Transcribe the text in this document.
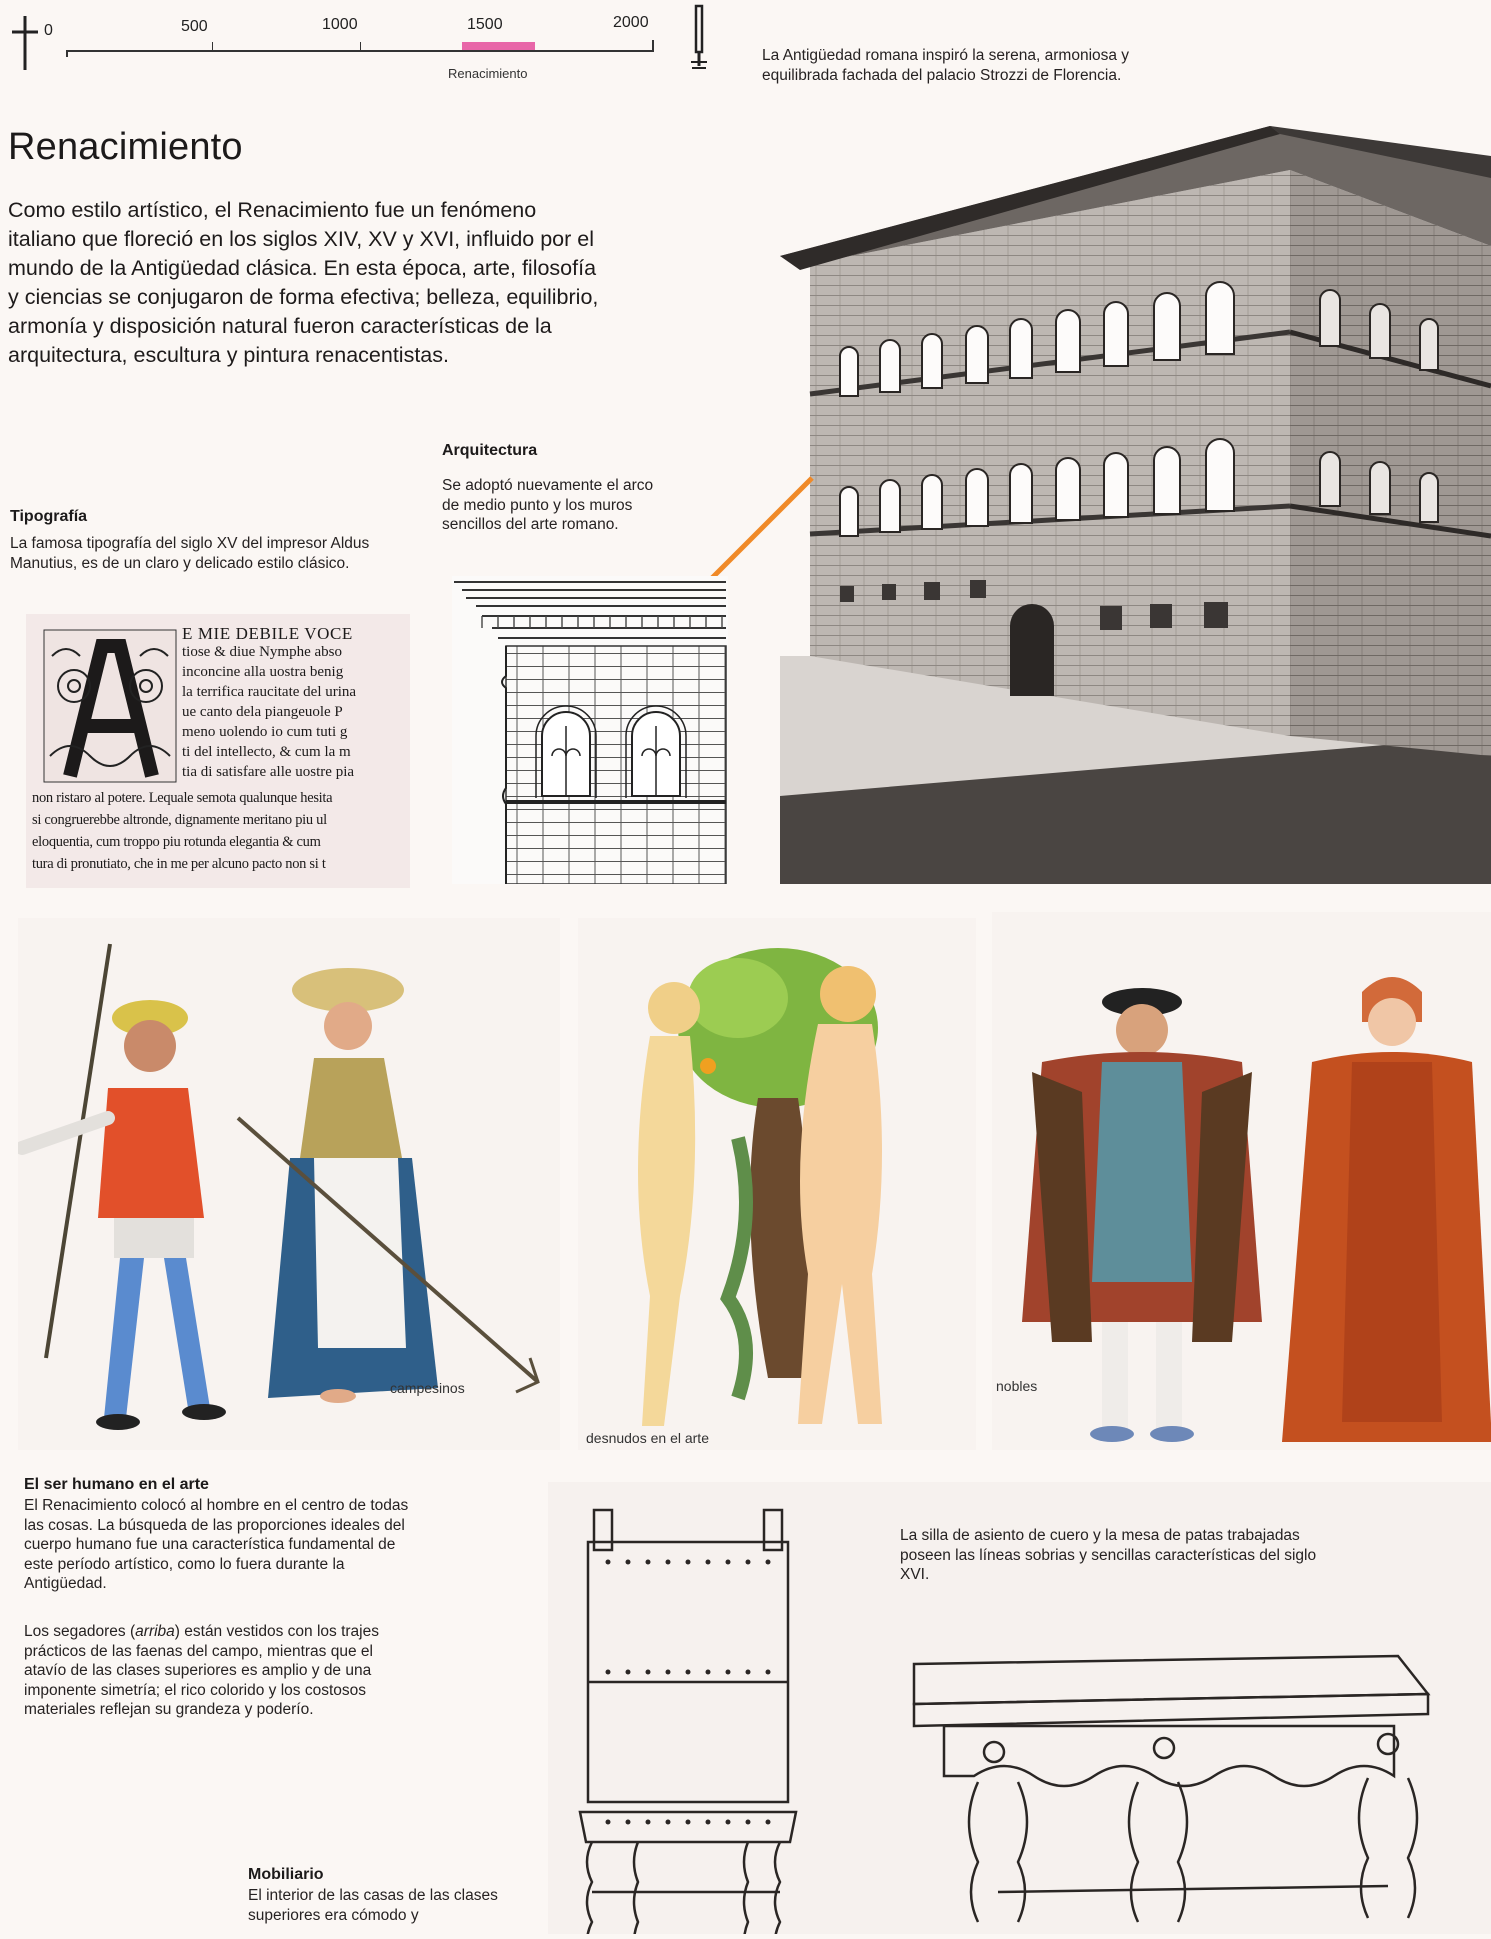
0	500	1000	1500	2000
Renacimiento
Renacimiento

Como estilo artístico, el Renacimiento fue un fenómeno italiano que floreció en los siglos XIV, XV y XVI, influido por el mundo de la Antigüedad clásica. En esta época, arte, filosofía y ciencias se conjugaron de forma efectiva; belleza, equilibrio, armonía y disposición natural fueron características de la arquitectura, escultura y pintura renacentistas.

La Antigüedad romana inspiró la serena, armoniosa y equilibrada fachada del palacio Strozzi de Florencia.

Arquitectura

Se adoptó nuevamente el arco de medio punto y los muros sencillos del arte romano.

Tipografía

La famosa tipografía del siglo XV del impresor Aldus Manutius, es de un claro y delicado estilo clásico.

E MIE DEBILE VOCE
tiose & diue Nymphe abso
inconcine alla uostra benig
la terrifica raucitate del urina
ue canto dela piangeuole P
meno uolendo io cum tuti g
ti del intellecto, & cum la m
tia di satisfare alle uostre pia
non ristaro al potere. Lequale semota qualunque hesita
si congruerebbe altronde, dignamente meritano piu ul
eloquentia, cum troppo piu rotunda elegantia & cum
tura di pronutiato, che in me per alcuno pacto non si t
campesinos
desnudos en el arte
nobles
El ser humano en el arte

El Renacimiento colocó al hombre en el centro de todas las cosas. La búsqueda de las proporciones ideales del cuerpo humano fue una característica fundamental de este período artístico, como lo fuera durante la Antigüedad.

Los segadores (arriba) están vestidos con los trajes prácticos de las faenas del campo, mientras que el atavío de las clases superiores es amplio y de una imponente simetría; el rico colorido y los costosos materiales reflejan su grandeza y poderío.

La silla de asiento de cuero y la mesa de patas trabajadas poseen las líneas sobrias y sencillas características del siglo XVI.

Mobiliario

El interior de las casas de las clases superiores era cómodo y
